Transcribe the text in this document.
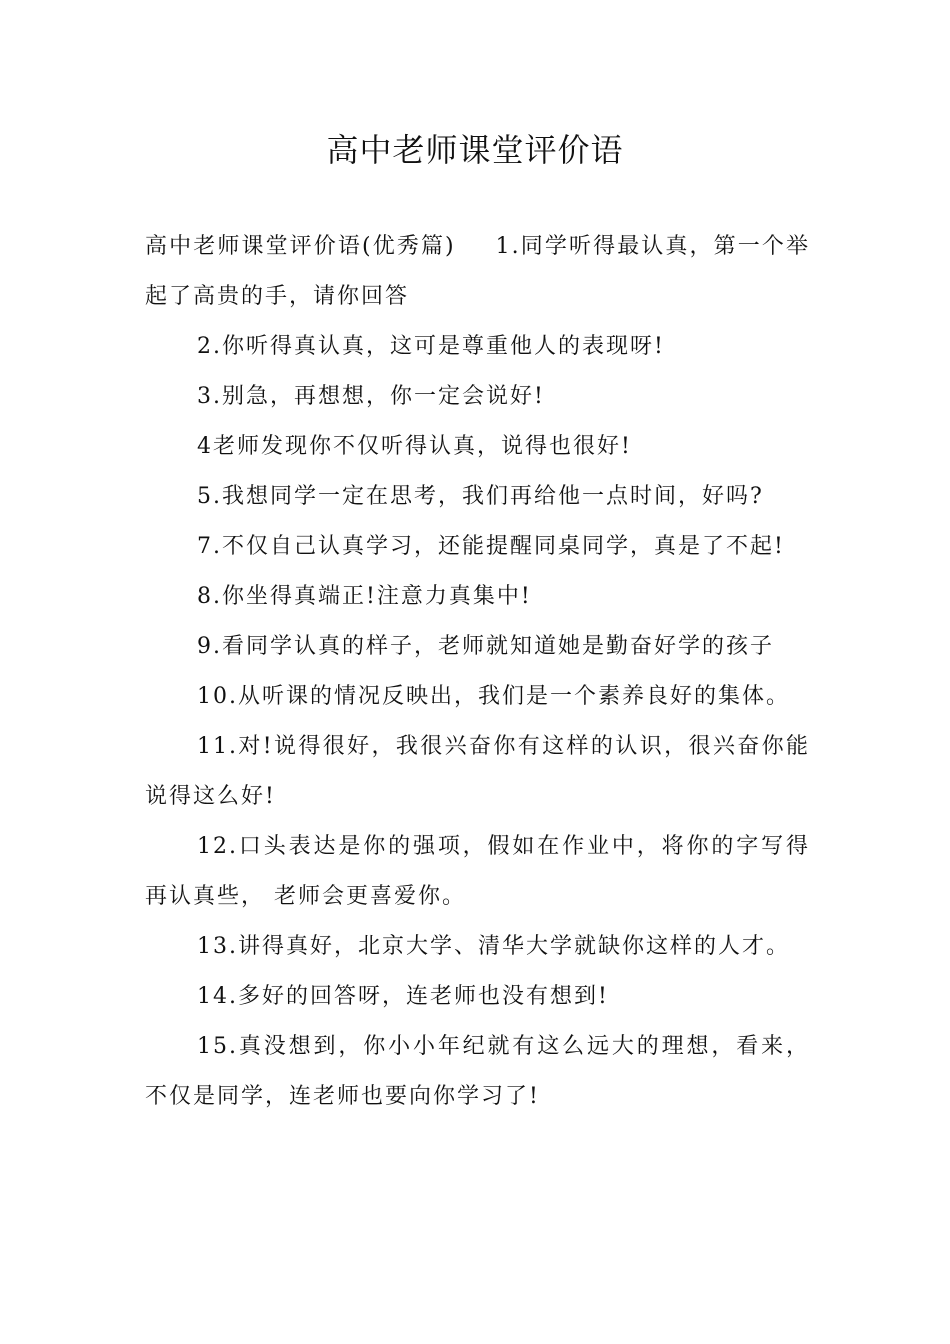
高中老师课堂评价语

高中老师课堂评价语(优秀篇) 1.同学听得最认真，第一个举起了高贵的手，请你回答

2.你听得真认真，这可是尊重他人的表现呀!

3.别急，再想想，你一定会说好!

4老师发现你不仅听得认真，说得也很好!

5.我想同学一定在思考，我们再给他一点时间，好吗?

7.不仅自己认真学习，还能提醒同桌同学，真是了不起!

8.你坐得真端正!注意力真集中!

9.看同学认真的样子，老师就知道她是勤奋好学的孩子

10.从听课的情况反映出，我们是一个素养良好的集体。

11.对!说得很好，我很兴奋你有这样的认识，很兴奋你能说得这么好!

12.口头表达是你的强项，假如在作业中，将你的字写得再认真些， 老师会更喜爱你。

13.讲得真好，北京大学、清华大学就缺你这样的人才。

14.多好的回答呀，连老师也没有想到!

15.真没想到，你小小年纪就有这么远大的理想，看来，不仅是同学，连老师也要向你学习了!
